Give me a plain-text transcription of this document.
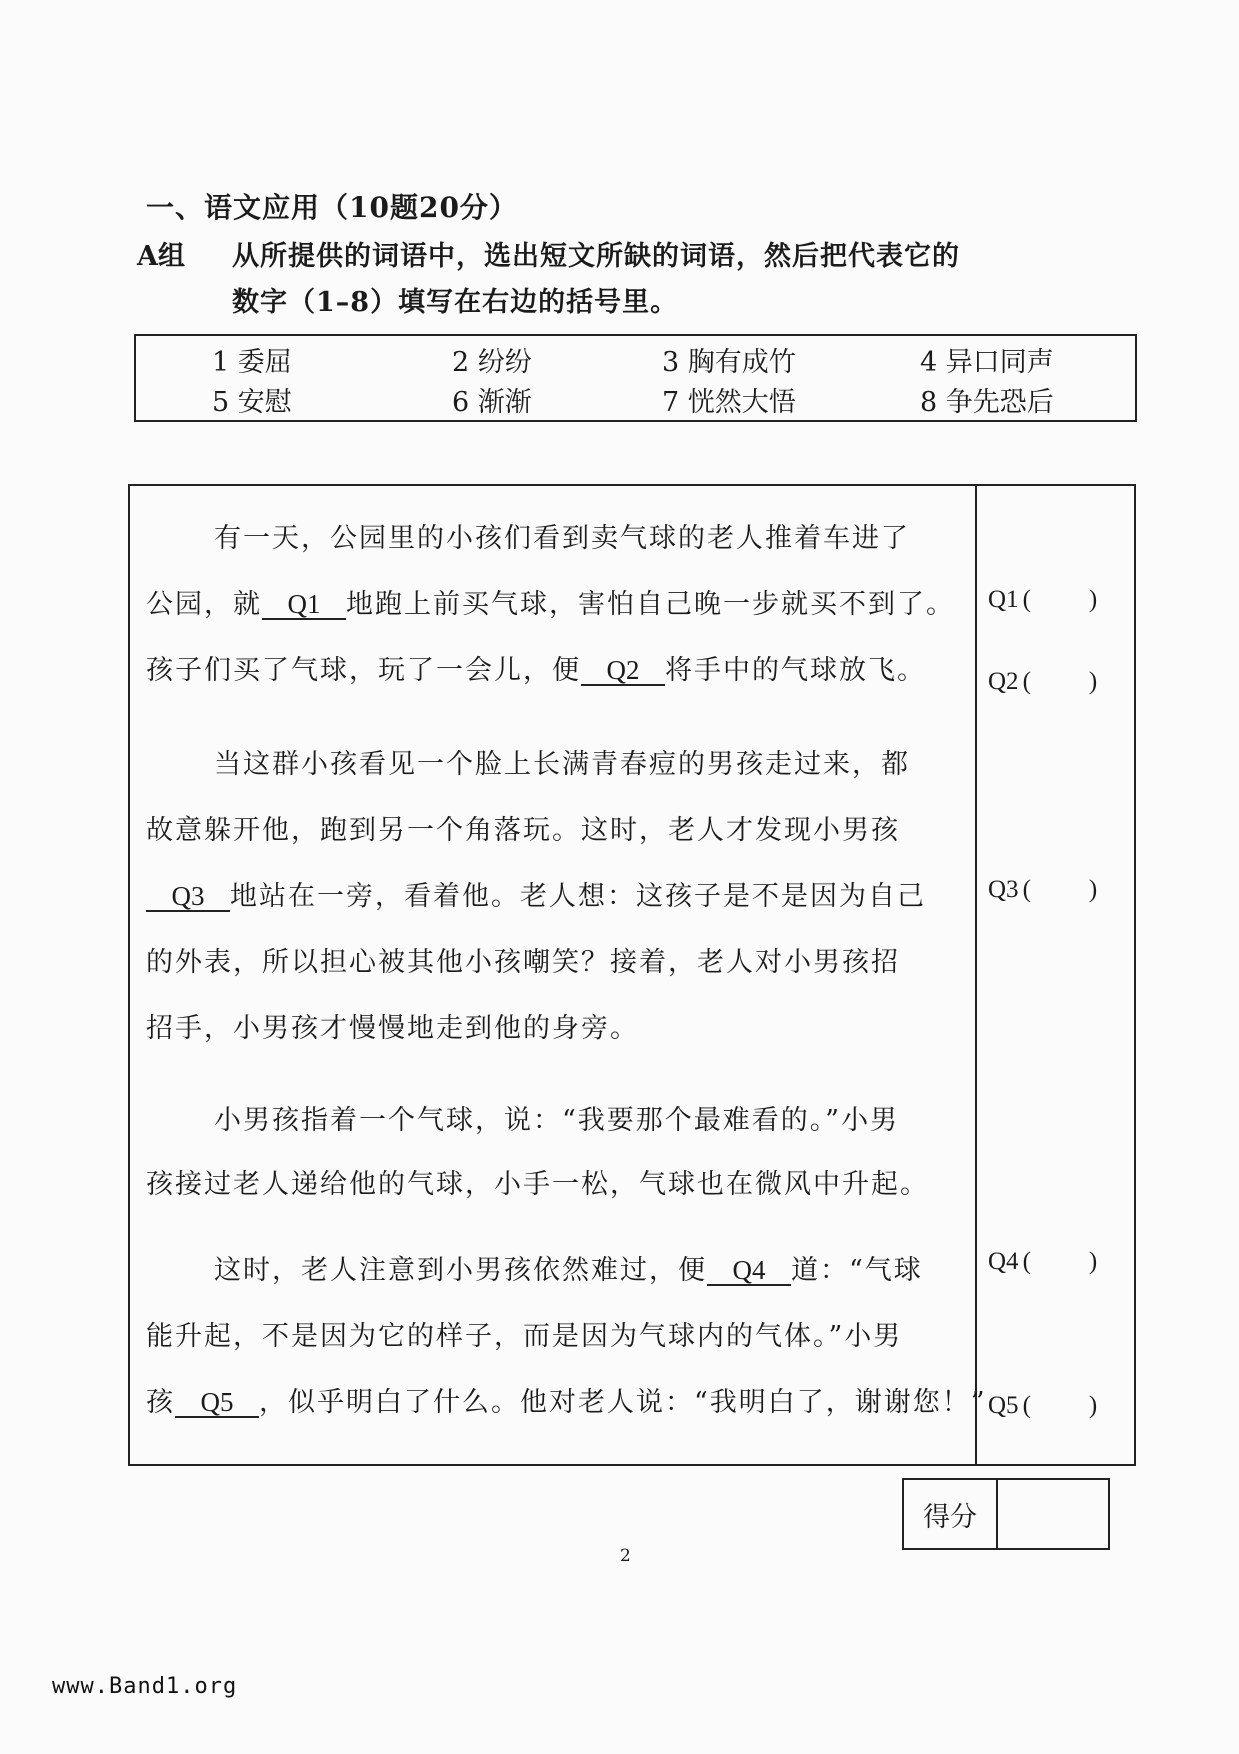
一、语文应用（10题20分）
A组 从所提供的词语中，选出短文所缺的词语，然后把代表它的
数字（1–8）填写在右边的括号里。
1 委屈	2 纷纷	3 胸有成竹	4 异口同声
5 安慰	6 渐渐	7 恍然大悟	8 争先恐后
有一天，公园里的小孩们看到卖气球的老人推着车进了
公园，就 Q1 地跑上前买气球，害怕自己晚一步就买不到了。
孩子们买了气球，玩了一会儿，便 Q2 将手中的气球放飞。
当这群小孩看见一个脸上长满青春痘的男孩走过来，都
故意躲开他，跑到另一个角落玩。这时，老人才发现小男孩
Q3 地站在一旁，看着他。老人想：这孩子是不是因为自己
的外表，所以担心被其他小孩嘲笑？接着，老人对小男孩招
招手，小男孩才慢慢地走到他的身旁。
小男孩指着一个气球，说：“我要那个最难看的。”小男
孩接过老人递给他的气球，小手一松，气球也在微风中升起。
这时，老人注意到小男孩依然难过，便 Q4 道：“气球
能升起，不是因为它的样子，而是因为气球内的气体。”小男
孩 Q5 ，似乎明白了什么。他对老人说：“我明白了，谢谢您！”
Q1 ( )
Q2 ( )
Q3 ( )
Q4 ( )
Q5 ( )
得分
2
www.Band1.org
